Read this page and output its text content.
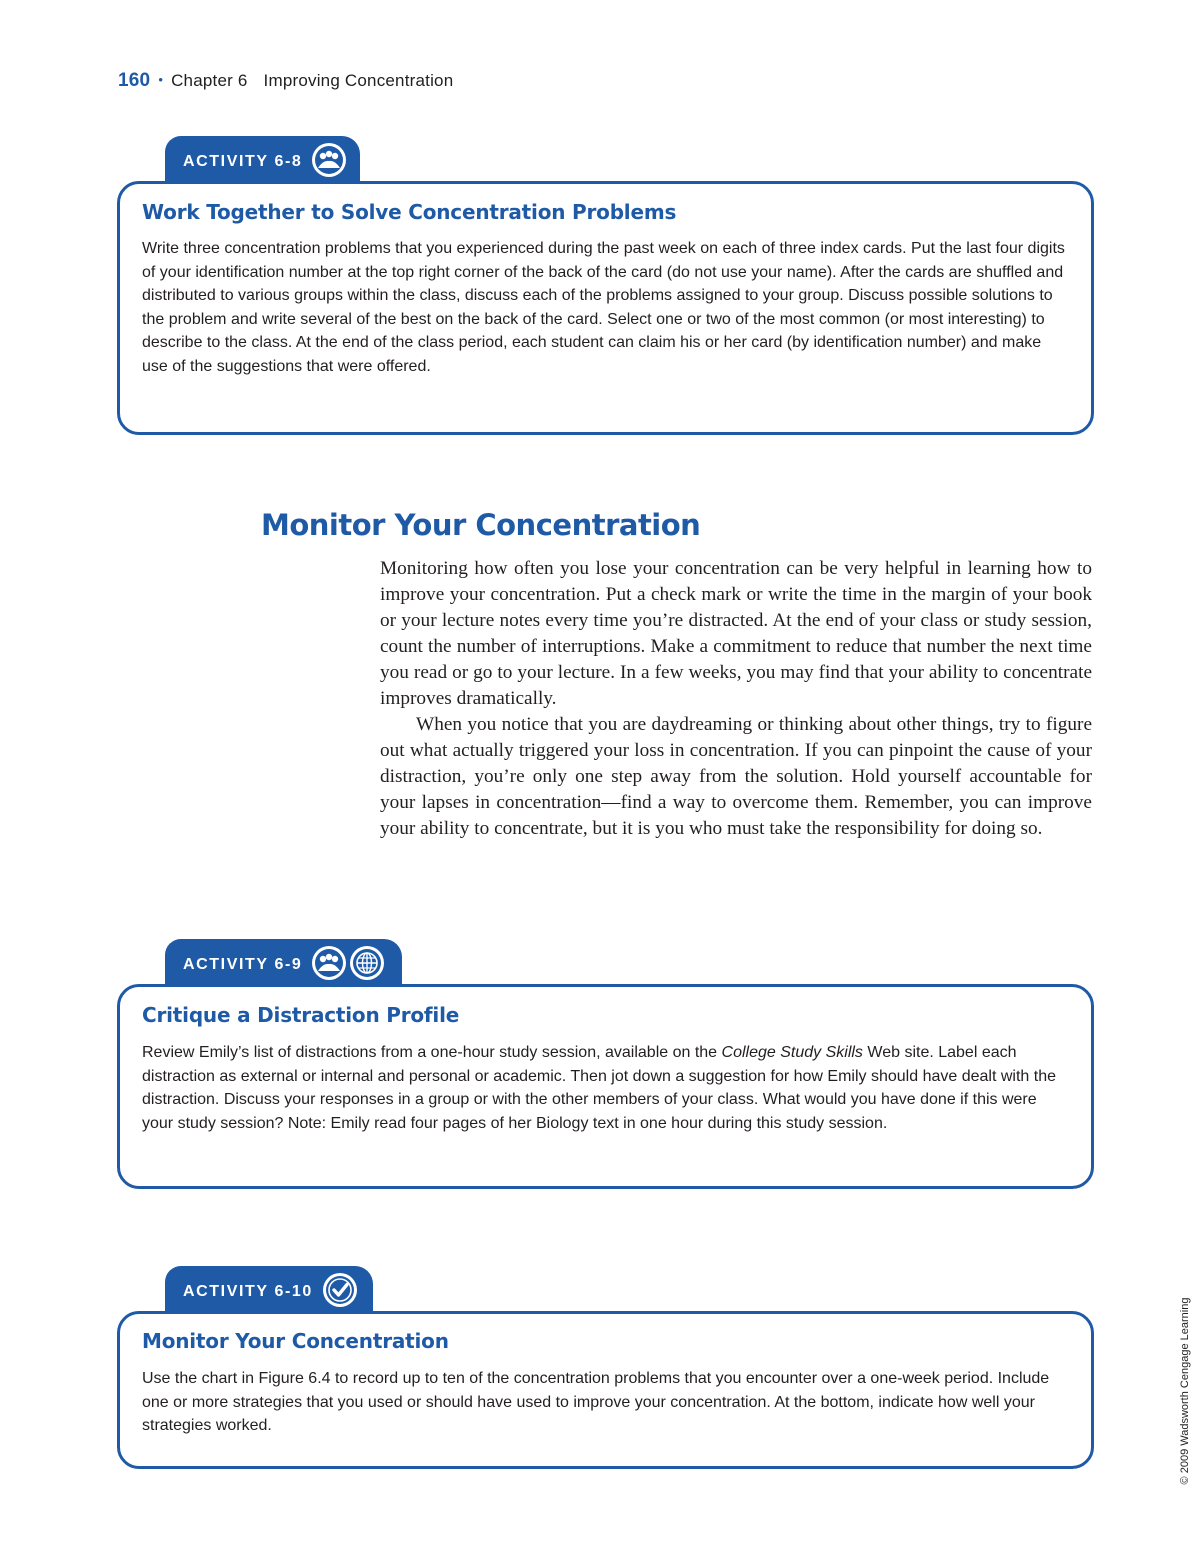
160 • Chapter 6 Improving Concentration
ACTIVITY 6-8
Work Together to Solve Concentration Problems
Write three concentration problems that you experienced during the past week on each of three index cards. Put the last four digits of your identification number at the top right corner of the back of the card (do not use your name). After the cards are shuffled and distributed to various groups within the class, discuss each of the problems assigned to your group. Discuss possible solutions to the problem and write several of the best on the back of the card. Select one or two of the most common (or most interesting) to describe to the class. At the end of the class period, each student can claim his or her card (by identification number) and make use of the suggestions that were offered.
Monitor Your Concentration

Monitoring how often you lose your concentration can be very helpful in learning how to improve your concentration. Put a check mark or write the time in the margin of your book or your lecture notes every time you’re distracted. At the end of your class or study session, count the number of interruptions. Make a commitment to reduce that number the next time you read or go to your lecture. In a few weeks, you may find that your ability to concentrate improves dramatically.

When you notice that you are daydreaming or thinking about other things, try to figure out what actually triggered your loss in concentration. If you can pinpoint the cause of your distraction, you’re only one step away from the solution. Hold yourself accountable for your lapses in concentration—find a way to overcome them. Remember, you can improve your ability to concentrate, but it is you who must take the responsibility for doing so.

ACTIVITY 6-9
Critique a Distraction Profile
Review Emily’s list of distractions from a one-hour study session, available on the College Study Skills Web site. Label each distraction as external or internal and personal or academic. Then jot down a suggestion for how Emily should have dealt with the distraction. Discuss your responses in a group or with the other members of your class. What would you have done if this were your study session? Note: Emily read four pages of her Biology text in one hour during this study session.
ACTIVITY 6-10
Monitor Your Concentration
Use the chart in Figure 6.4 to record up to ten of the concentration problems that you encounter over a one-week period. Include one or more strategies that you used or should have used to improve your concentration. At the bottom, indicate how well your strategies worked.	© 2009 Wadsworth Cengage Learning
